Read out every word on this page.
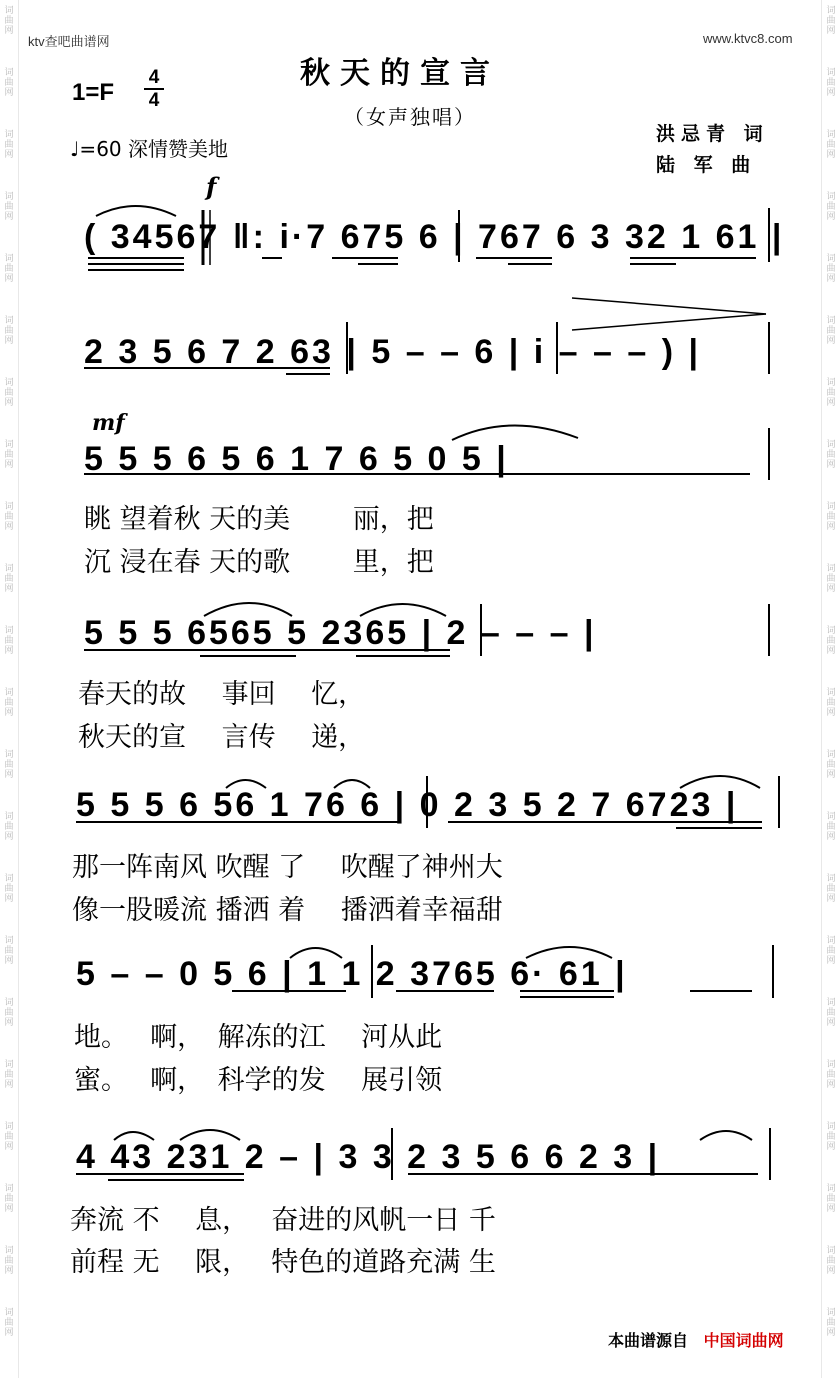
词
曲
网
词
曲
网
词
曲
网
词
曲
网
词
曲
网
词
曲
网
词
曲
网
词
曲
网
词
曲
网
词
曲
网
词
曲
网
词
曲
网
词
曲
网
词
曲
网
词
曲
网
词
曲
网
词
曲
网
词
曲
网
词
曲
网
词
曲
网
词
曲
网
词
曲
网
词
曲
网
词
曲
网
词
曲
网
词
曲
网
词
曲
网
词
曲
网
词
曲
网
词
曲
网
词
曲
网
词
曲
网
词
曲
网
词
曲
网
词
曲
网
词
曲
网
词
曲
网
词
曲
网
词
曲
网
词
曲
网
词
曲
网
词
曲
网
词
曲
网
词
曲
网
ktv查吧曲谱网	www.ktvc8.com
秋天的宣言
（女声独唱）
1=F
4
4
♩=60 深情赞美地
洪忌青 词
陆 军 曲
f
mf
( 34567 ‖: i·7 675 6 | 767 6 3 32 1 61 |
2 3 5 6 7 2 63 | 5 – – 6 | i – – – ) |
5 5 5 6 5 6 1 7 6 5 0 5 |
眺 望着秋 天的美　 　丽，把
沉 浸在春 天的歌　 　里，把
5 5 5 6565 5 2365 | 2 – – – |
春天的故　 事回　 忆，
秋天的宣　 言传　 递，
5 5 5 6 56 1 76 6 | 0 2 3 5 2 7 6723 |
那一阵南风 吹醒 了　 吹醒了神州大
像一股暖流 播洒 着　 播洒着幸福甜
5 – – 0 5 6 | 1 1 2 3765 6· 61 |
地。　 啊，　解冻的江　 河从此
蜜。　 啊，　科学的发　 展引领
4 43 231 2 – | 3 3 2 3 5 6 6 2 3 |
奔流 不　 息，　 奋进的风帆一日 千
前程 无　 限，　 特色的道路充满 生
本曲谱源自 中国词曲网
